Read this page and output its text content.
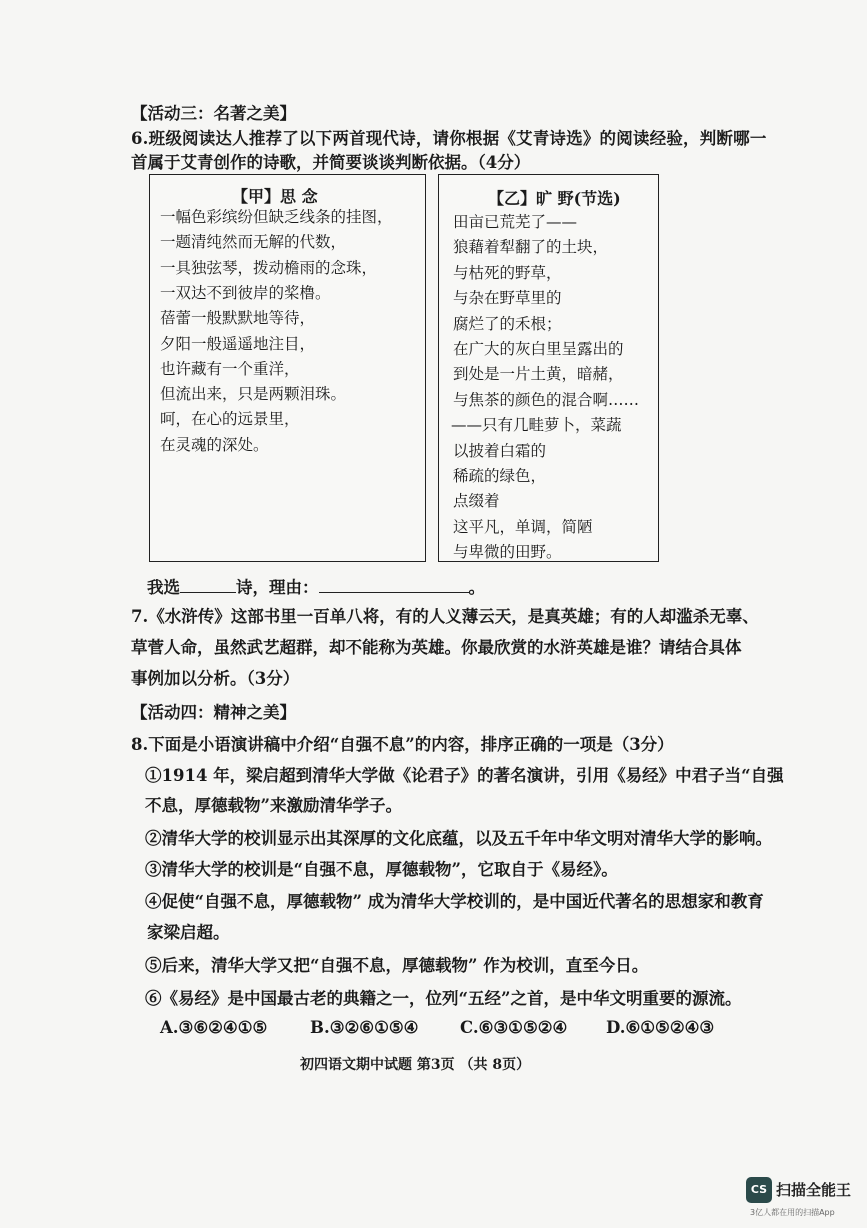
【活动三：名著之美】
6.班级阅读达人推荐了以下两首现代诗，请你根据《艾青诗选》的阅读经验，判断哪一
首属于艾青创作的诗歌，并简要谈谈判断依据。（4分）
【甲】思 念
一幅色彩缤纷但缺乏线条的挂图，
一题清纯然而无解的代数，
一具独弦琴，拨动檐雨的念珠，
一双达不到彼岸的桨橹。
蓓蕾一般默默地等待，
夕阳一般遥遥地注目，
也许藏有一个重洋，
但流出来，只是两颗泪珠。
呵，在心的远景里，
在灵魂的深处。
【乙】旷 野(节选)
田亩已荒芜了——
狼藉着犁翻了的土块，
与枯死的野草，
与杂在野草里的
腐烂了的禾根；
在广大的灰白里呈露出的
到处是一片土黄，暗赭，
与焦茶的颜色的混合啊……
——只有几畦萝卜，菜蔬
以披着白霜的
稀疏的绿色，
点缀着
这平凡，单调，简陋
与卑微的田野。
我选	诗，理由：	。
7.《水浒传》这部书里一百单八将，有的人义薄云天，是真英雄；有的人却滥杀无辜、
草菅人命，虽然武艺超群，却不能称为英雄。你最欣赏的水浒英雄是谁？请结合具体
事例加以分析。（3分）
【活动四：精神之美】
8.下面是小语演讲稿中介绍“自强不息”的内容，排序正确的一项是（3分）
①1914 年，梁启超到清华大学做《论君子》的著名演讲，引用《易经》中君子当“自强
不息，厚德载物”来激励清华学子。
②清华大学的校训显示出其深厚的文化底蕴，以及五千年中华文明对清华大学的影响。
③清华大学的校训是“自强不息，厚德载物”，它取自于《易经》。
④促使“自强不息，厚德载物” 成为清华大学校训的，是中国近代著名的思想家和教育
家梁启超。
⑤后来，清华大学又把“自强不息，厚德载物” 作为校训，直至今日。
⑥《易经》是中国最古老的典籍之一，位列“五经”之首，是中华文明重要的源流。
A.③⑥②④①⑤	B.③②⑥①⑤④	C.⑥③①⑤②④ D.⑥①⑤②④③
初四语文期中试题 第3页 （共 8页）
CS 扫描全能王
3亿人都在用的扫描App
